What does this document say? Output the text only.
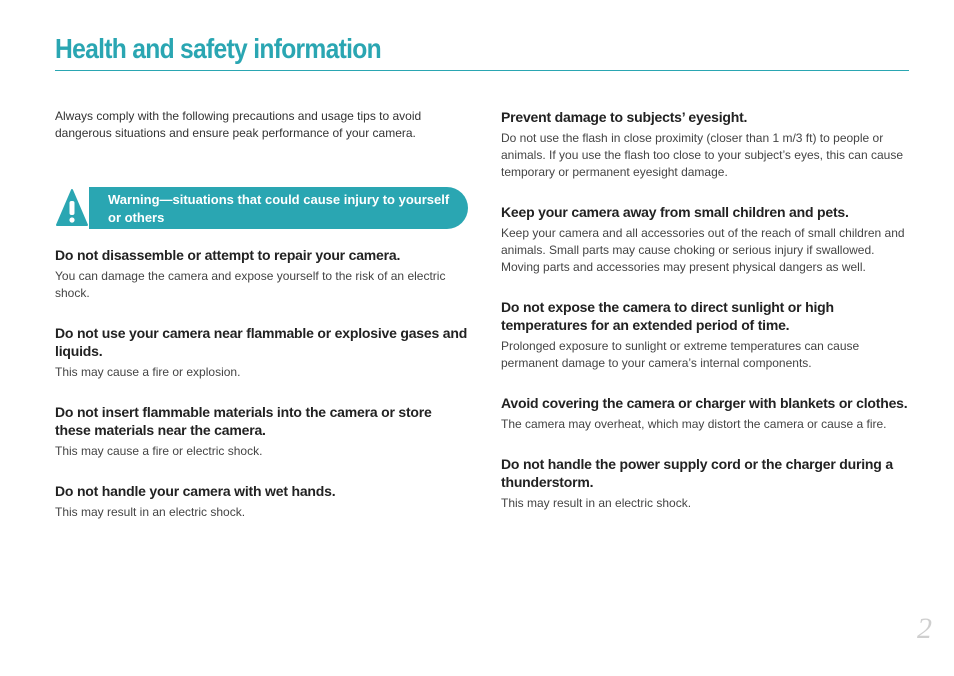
Health and safety information

Always comply with the following precautions and usage tips to avoid dangerous situations and ensure peak performance of your camera.

Warning—situations that could cause injury to yourself or others

Do not disassemble or attempt to repair your camera.

You can damage the camera and expose yourself to the risk of an electric shock.

Do not use your camera near flammable or explosive gases and liquids.

This may cause a fire or explosion.

Do not insert flammable materials into the camera or store these materials near the camera.

This may cause a fire or electric shock.

Do not handle your camera with wet hands.

This may result in an electric shock.

Prevent damage to subjects’ eyesight.

Do not use the flash in close proximity (closer than 1 m/3 ft) to people or animals. If you use the flash too close to your subject’s eyes, this can cause temporary or permanent eyesight damage.

Keep your camera away from small children and pets.

Keep your camera and all accessories out of the reach of small children and animals. Small parts may cause choking or serious injury if swallowed. Moving parts and accessories may present physical dangers as well.

Do not expose the camera to direct sunlight or high temperatures for an extended period of time.

Prolonged exposure to sunlight or extreme temperatures can cause permanent damage to your camera’s internal components.

Avoid covering the camera or charger with blankets or clothes.

The camera may overheat, which may distort the camera or cause a fire.

Do not handle the power supply cord or the charger during a thunderstorm.

This may result in an electric shock.

2
